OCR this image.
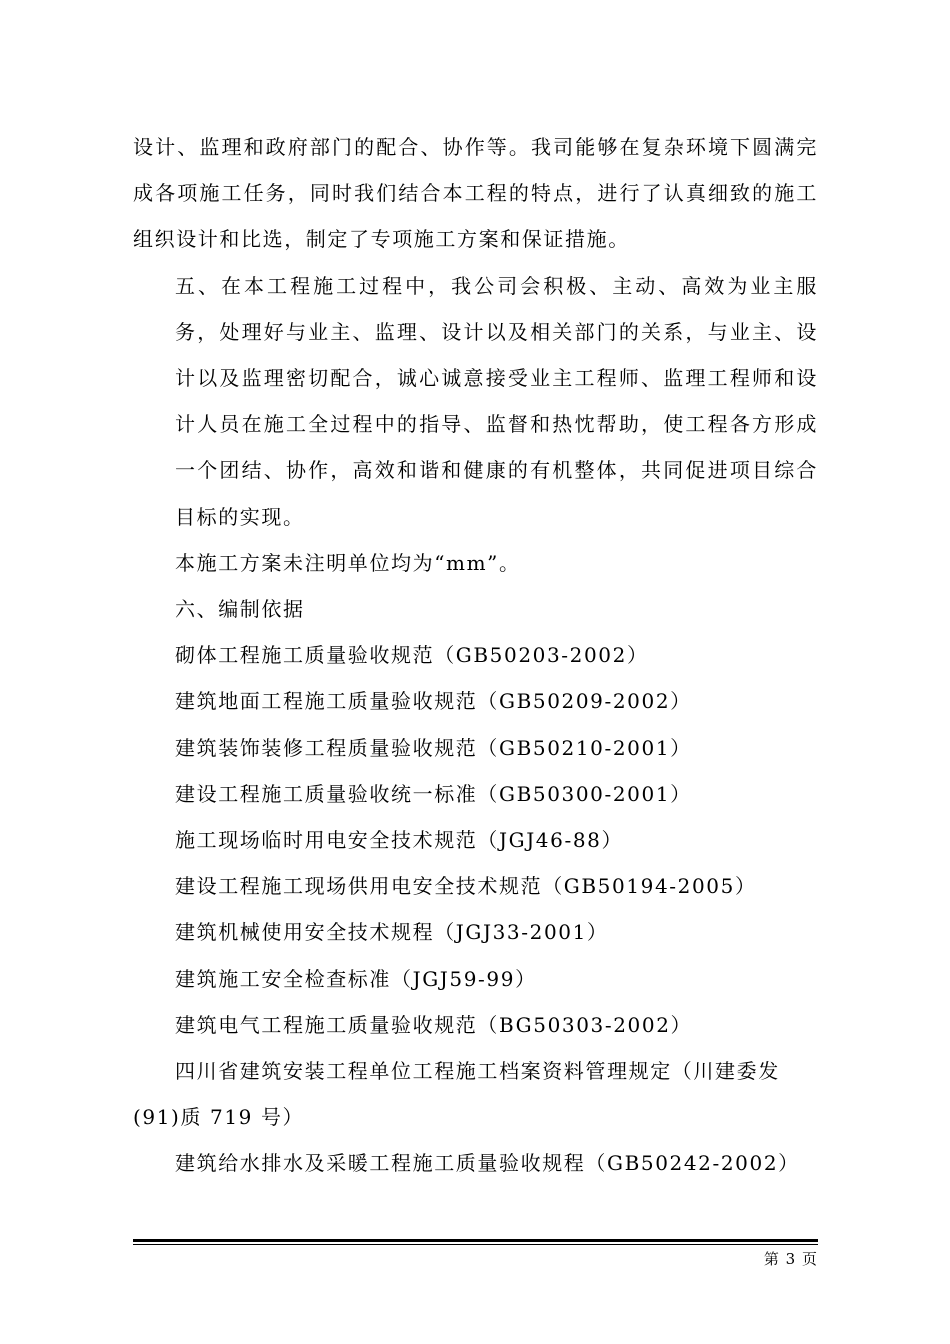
设计、监理和政府部门的配合、协作等。我司能够在复杂环境下圆满完成各项施工任务，同时我们结合本工程的特点，进行了认真细致的施工组织设计和比选，制定了专项施工方案和保证措施。

五、在本工程施工过程中，我公司会积极、主动、高效为业主服务，处理好与业主、监理、设计以及相关部门的关系，与业主、设计以及监理密切配合，诚心诚意接受业主工程师、监理工程师和设计人员在施工全过程中的指导、监督和热忱帮助，使工程各方形成一个团结、协作，高效和谐和健康的有机整体，共同促进项目综合目标的实现。

本施工方案未注明单位均为“mm”。

六、编制依据

砌体工程施工质量验收规范（GB50203-2002）

建筑地面工程施工质量验收规范（GB50209-2002）

建筑装饰装修工程质量验收规范（GB50210-2001）

建设工程施工质量验收统一标准（GB50300-2001）

施工现场临时用电安全技术规范（JGJ46-88）

建设工程施工现场供用电安全技术规范（GB50194-2005）

建筑机械使用安全技术规程（JGJ33-2001）

建筑施工安全检查标准（JGJ59-99）

建筑电气工程施工质量验收规范（BG50303-2002）

四川省建筑安装工程单位工程施工档案资料管理规定（川建委发

(91)质 719 号）

建筑给水排水及采暖工程施工质量验收规程（GB50242-2002）

第 3 页
